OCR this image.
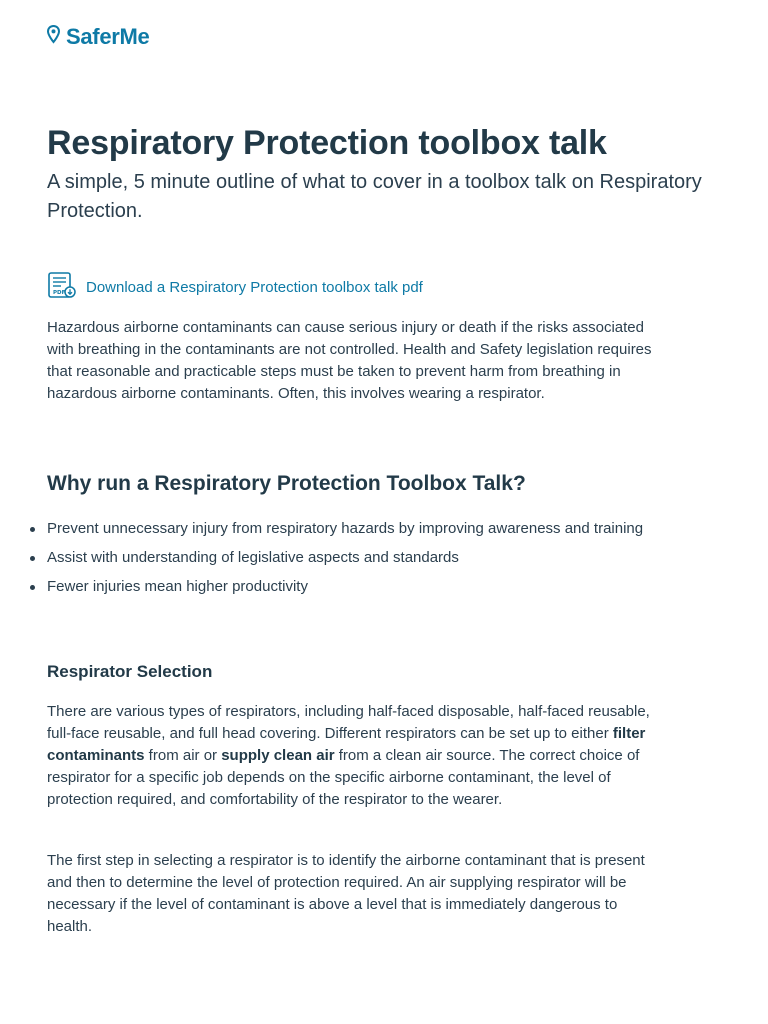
SaferMe
Respiratory Protection toolbox talk

A simple, 5 minute outline of what to cover in a toolbox talk on Respiratory Protection.

PDF Download a Respiratory Protection toolbox talk pdf

Hazardous airborne contaminants can cause serious injury or death if the risks associated with breathing in the contaminants are not controlled. Health and Safety legislation requires that reasonable and practicable steps must be taken to prevent harm from breathing in hazardous airborne contaminants. Often, this involves wearing a respirator.

Why run a Respiratory Protection Toolbox Talk?
Prevent unnecessary injury from respiratory hazards by improving awareness and training
Assist with understanding of legislative aspects and standards
Fewer injuries mean higher productivity
Respirator Selection

There are various types of respirators, including half-faced disposable, half-faced reusable, full-face reusable, and full head covering. Different respirators can be set up to either filter contaminants from air or supply clean air from a clean air source. The correct choice of respirator for a specific job depends on the specific airborne contaminant, the level of protection required, and comfortability of the respirator to the wearer.

The first step in selecting a respirator is to identify the airborne contaminant that is present and then to determine the level of protection required. An air supplying respirator will be necessary if the level of contaminant is above a level that is immediately dangerous to health.
